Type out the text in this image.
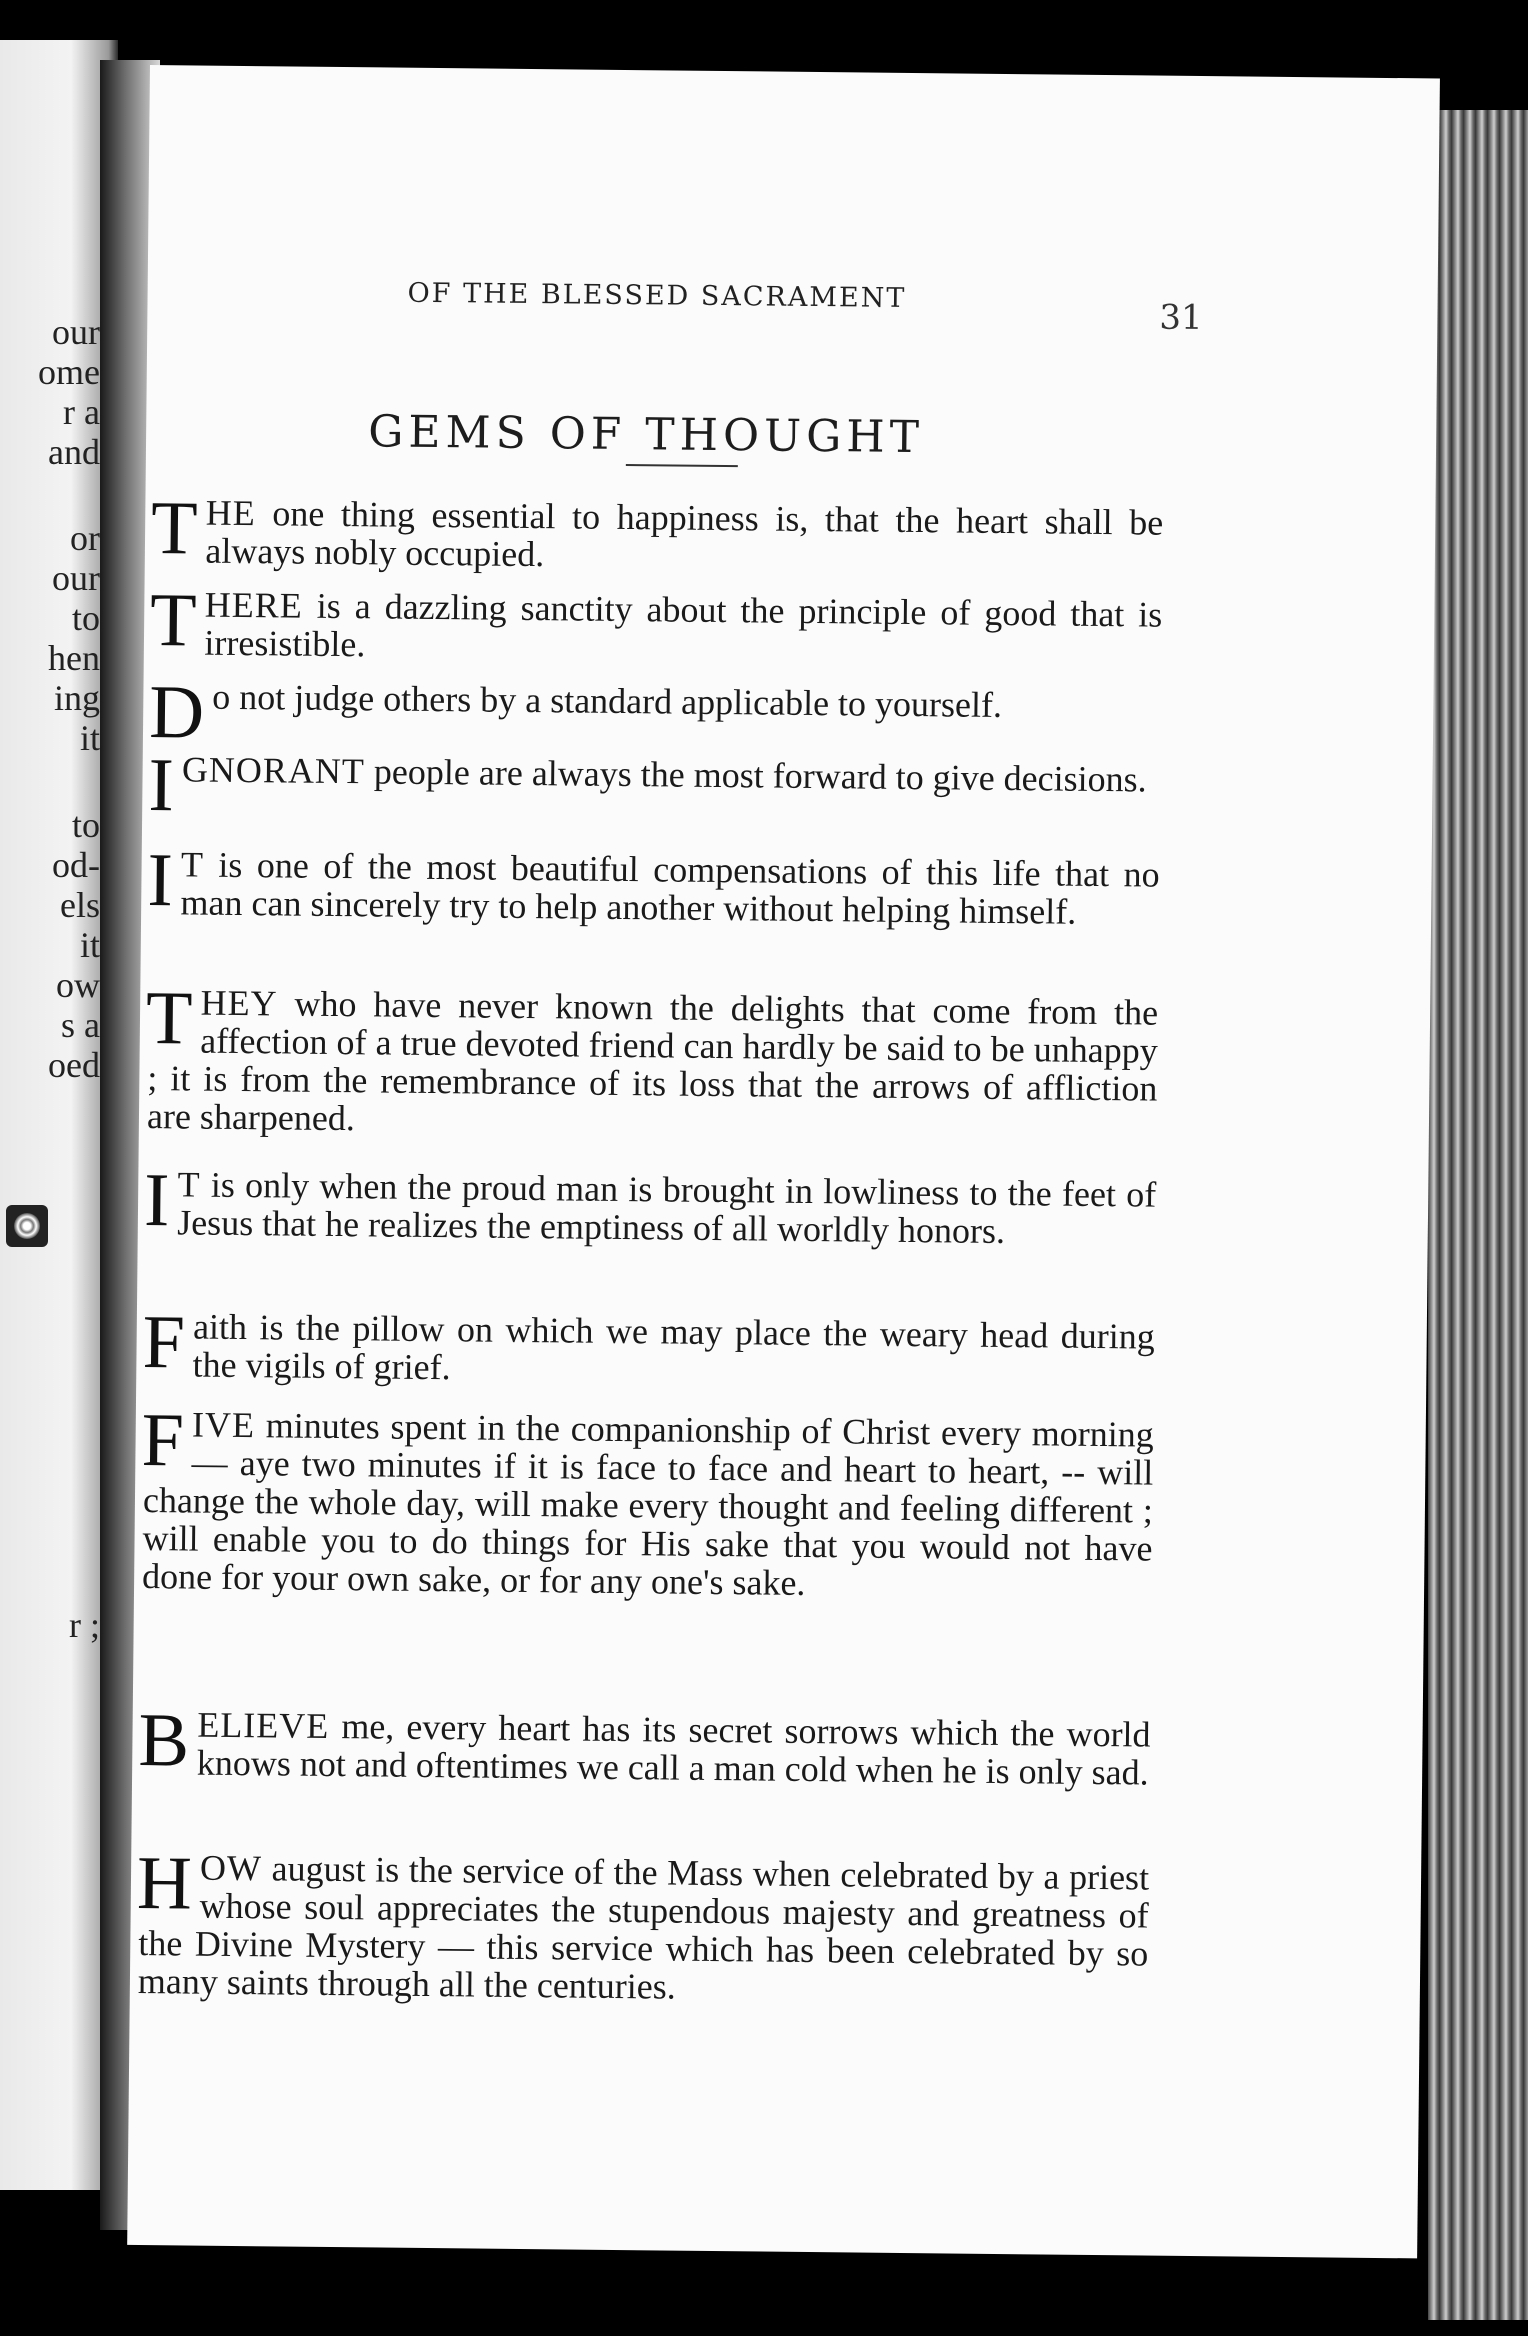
our
ome
r a
and
or
our
to
hen
ing
it
to
od-
els
it
ow
s a
oed
r ;
OF THE BLESSED SACRAMENT
31
GEMS OF THOUGHT

THE one thing essential to happiness is, that the heart shall be always nobly occupied.

THERE is a dazzling sanctity about the principle of good that is irresistible.

Do not judge others by a standard applicable to yourself.

IGNORANT people are always the most forward to give decisions.

I T is one of the most beautiful compensations of this life that no man can sincerely try to help another without helping himself.

THEY who have never known the delights that come from the affection of a true devoted friend can hardly be said to be unhappy ; it is from the remembrance of its loss that the arrows of affliction are sharpened.

I T is only when the proud man is brought in lowliness to the feet of Jesus that he realizes the emptiness of all worldly honors.

Faith is the pillow on which we may place the weary head during the vigils of grief.

FIVE minutes spent in the companionship of Christ every morning — aye two minutes if it is face to face and heart to heart, -- will change the whole day, will make every thought and feeling different ; will enable you to do things for His sake that you would not have done for your own sake, or for any one's sake.

BELIEVE me, every heart has its secret sorrows which the world knows not and oftentimes we call a man cold when he is only sad.

HOW august is the service of the Mass when celebrated by a priest whose soul appreciates the stupendous majesty and greatness of the Divine Mystery — this service which has been celebrated by so many saints through all the centuries.
